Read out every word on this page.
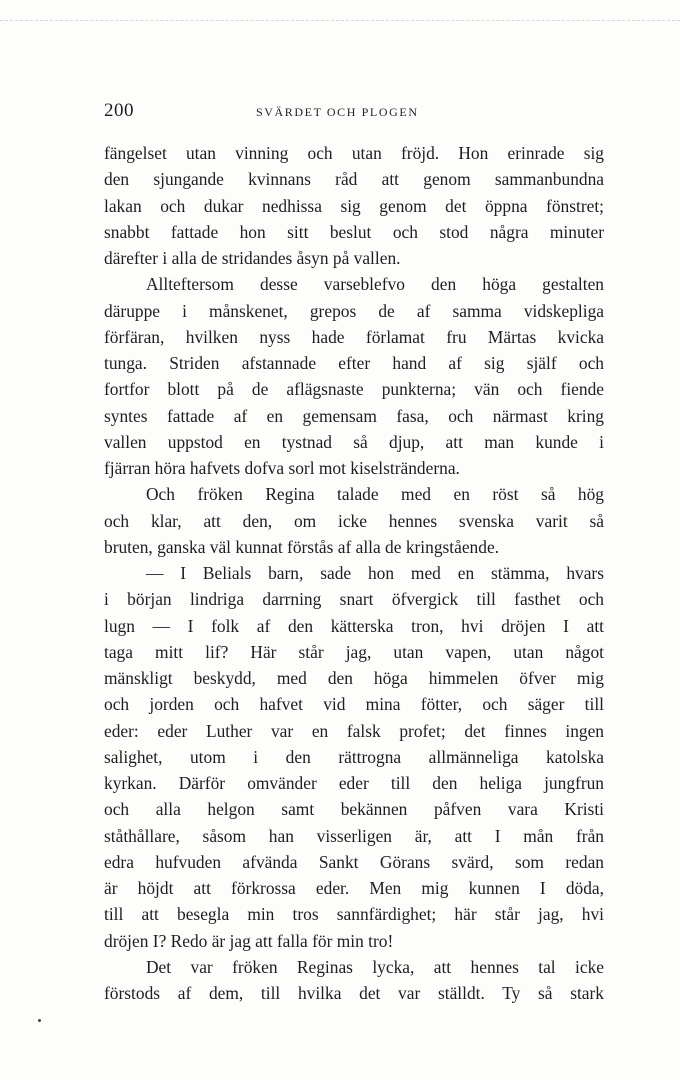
200	SVÄRDET OCH PLOGEN
fängelset utan vinning och utan fröjd. Hon erinrade sig
den sjungande kvinnans råd att genom sammanbundna
lakan och dukar nedhissa sig genom det öppna fönstret;
snabbt fattade hon sitt beslut och stod några minuter
därefter i alla de stridandes åsyn på vallen.
Allteftersom desse varseblefvo den höga gestalten
däruppe i månskenet, grepos de af samma vidskepliga
förfäran, hvilken nyss hade förlamat fru Märtas kvicka
tunga. Striden afstannade efter hand af sig själf och
fortfor blott på de aflägsnaste punkterna; vän och fiende
syntes fattade af en gemensam fasa, och närmast kring
vallen uppstod en tystnad så djup, att man kunde i
fjärran höra hafvets dofva sorl mot kiselstränderna.
Och fröken Regina talade med en röst så hög
och klar, att den, om icke hennes svenska varit så
bruten, ganska väl kunnat förstås af alla de kringstående.
— I Belials barn, sade hon med en stämma, hvars
i början lindriga darrning snart öfvergick till fasthet och
lugn — I folk af den kätterska tron, hvi dröjen I att
taga mitt lif? Här står jag, utan vapen, utan något
mänskligt beskydd, med den höga himmelen öfver mig
och jorden och hafvet vid mina fötter, och säger till
eder: eder Luther var en falsk profet; det finnes ingen
salighet, utom i den rättrogna allmänneliga katolska
kyrkan. Därför omvänder eder till den heliga jungfrun
och alla helgon samt bekännen påfven vara Kristi
ståthållare, såsom han visserligen är, att I mån från
edra hufvuden afvända Sankt Görans svärd, som redan
är höjdt att förkrossa eder. Men mig kunnen I döda,
till att besegla min tros sannfärdighet; här står jag, hvi
dröjen I? Redo är jag att falla för min tro!
Det var fröken Reginas lycka, att hennes tal icke
förstods af dem, till hvilka det var ställdt. Ty så stark
